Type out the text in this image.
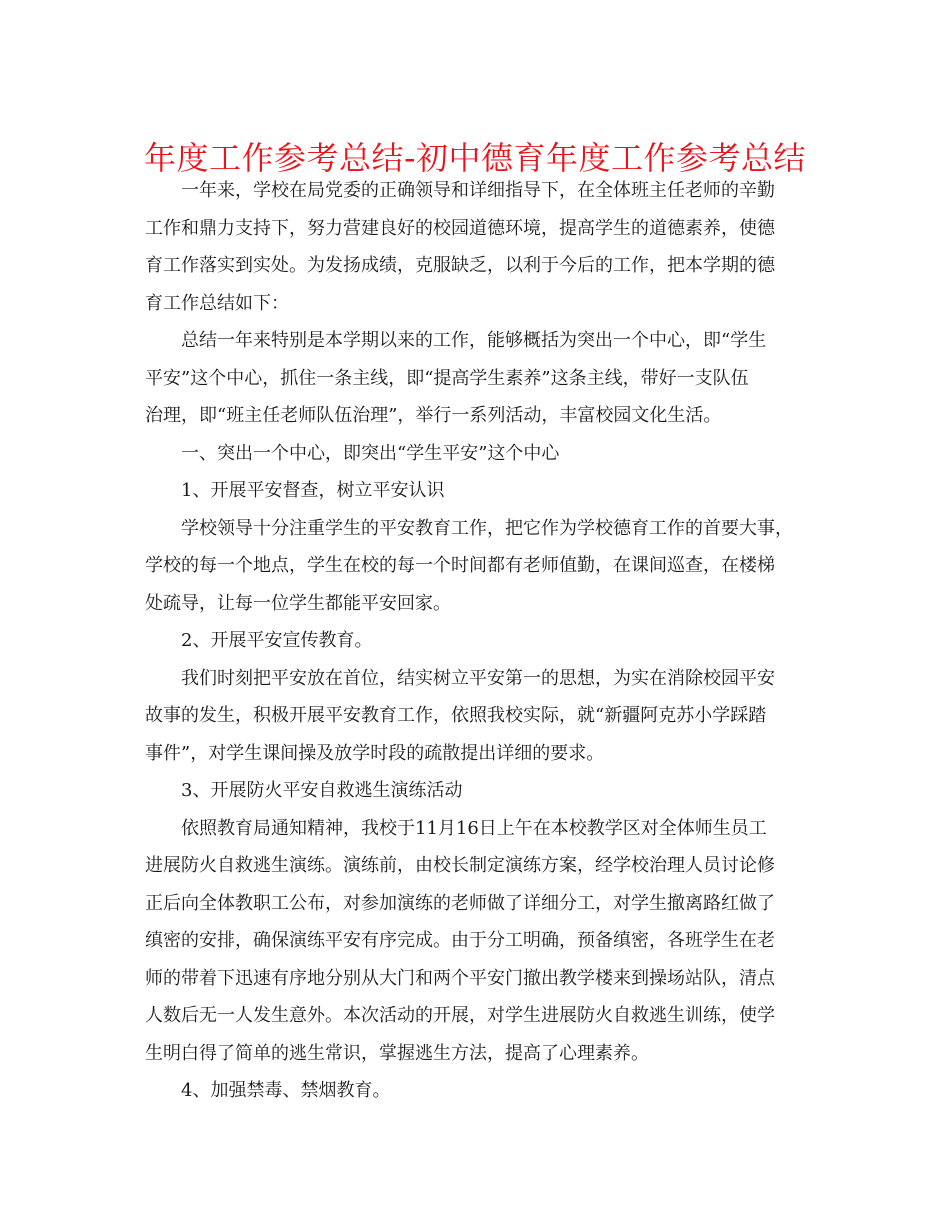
年度工作参考总结-初中德育年度工作参考总结

一年来，学校在局党委的正确领导和详细指导下，在全体班主任老师的辛勤
工作和鼎力支持下，努力营建良好的校园道德环境，提高学生的道德素养，使德
育工作落实到实处。为发扬成绩，克服缺乏，以利于今后的工作，把本学期的德
育工作总结如下：

总结一年来特别是本学期以来的工作，能够概括为突出一个中心，即“学生
平安”这个中心，抓住一条主线，即“提高学生素养”这条主线，带好一支队伍
治理，即“班主任老师队伍治理”，举行一系列活动，丰富校园文化生活。

一、突出一个中心，即突出“学生平安”这个中心

1、开展平安督查，树立平安认识

学校领导十分注重学生的平安教育工作，把它作为学校德育工作的首要大事，
学校的每一个地点，学生在校的每一个时间都有老师值勤，在课间巡查，在楼梯
处疏导，让每一位学生都能平安回家。

2、开展平安宣传教育。

我们时刻把平安放在首位，结实树立平安第一的思想，为实在消除校园平安
故事的发生，积极开展平安教育工作，依照我校实际，就“新疆阿克苏小学踩踏
事件”，对学生课间操及放学时段的疏散提出详细的要求。

3、开展防火平安自救逃生演练活动

依照教育局通知精神，我校于11月16日上午在本校教学区对全体师生员工
进展防火自救逃生演练。演练前，由校长制定演练方案，经学校治理人员讨论修
正后向全体教职工公布，对参加演练的老师做了详细分工，对学生撤离路红做了
缜密的安排，确保演练平安有序完成。由于分工明确，预备缜密，各班学生在老
师的带着下迅速有序地分别从大门和两个平安门撤出教学楼来到操场站队，清点
人数后无一人发生意外。本次活动的开展，对学生进展防火自救逃生训练，使学
生明白得了简单的逃生常识，掌握逃生方法，提高了心理素养。

4、加强禁毒、禁烟教育。
